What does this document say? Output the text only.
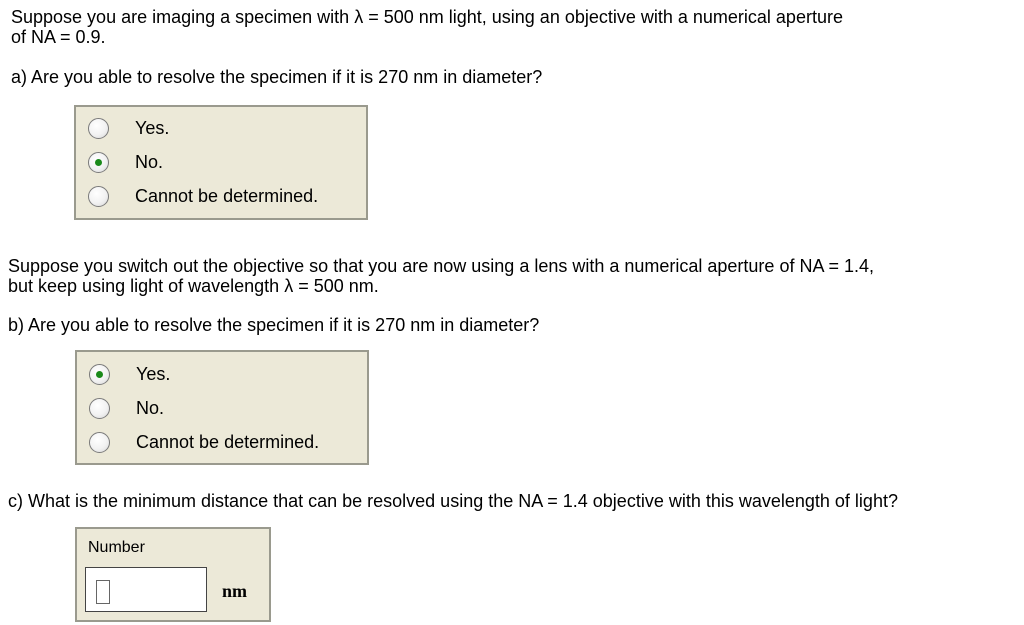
Suppose you are imaging a specimen with λ = 500 nm light, using an objective with a numerical aperture
of NA = 0.9.
a) Are you able to resolve the specimen if it is 270 nm in diameter?
Yes.
No.
Cannot be determined.
Suppose you switch out the objective so that you are now using a lens with a numerical aperture of NA = 1.4,
but keep using light of wavelength λ = 500 nm.
b) Are you able to resolve the specimen if it is 270 nm in diameter?
Yes.
No.
Cannot be determined.
c) What is the minimum distance that can be resolved using the NA = 1.4 objective with this wavelength of light?
Number
nm
